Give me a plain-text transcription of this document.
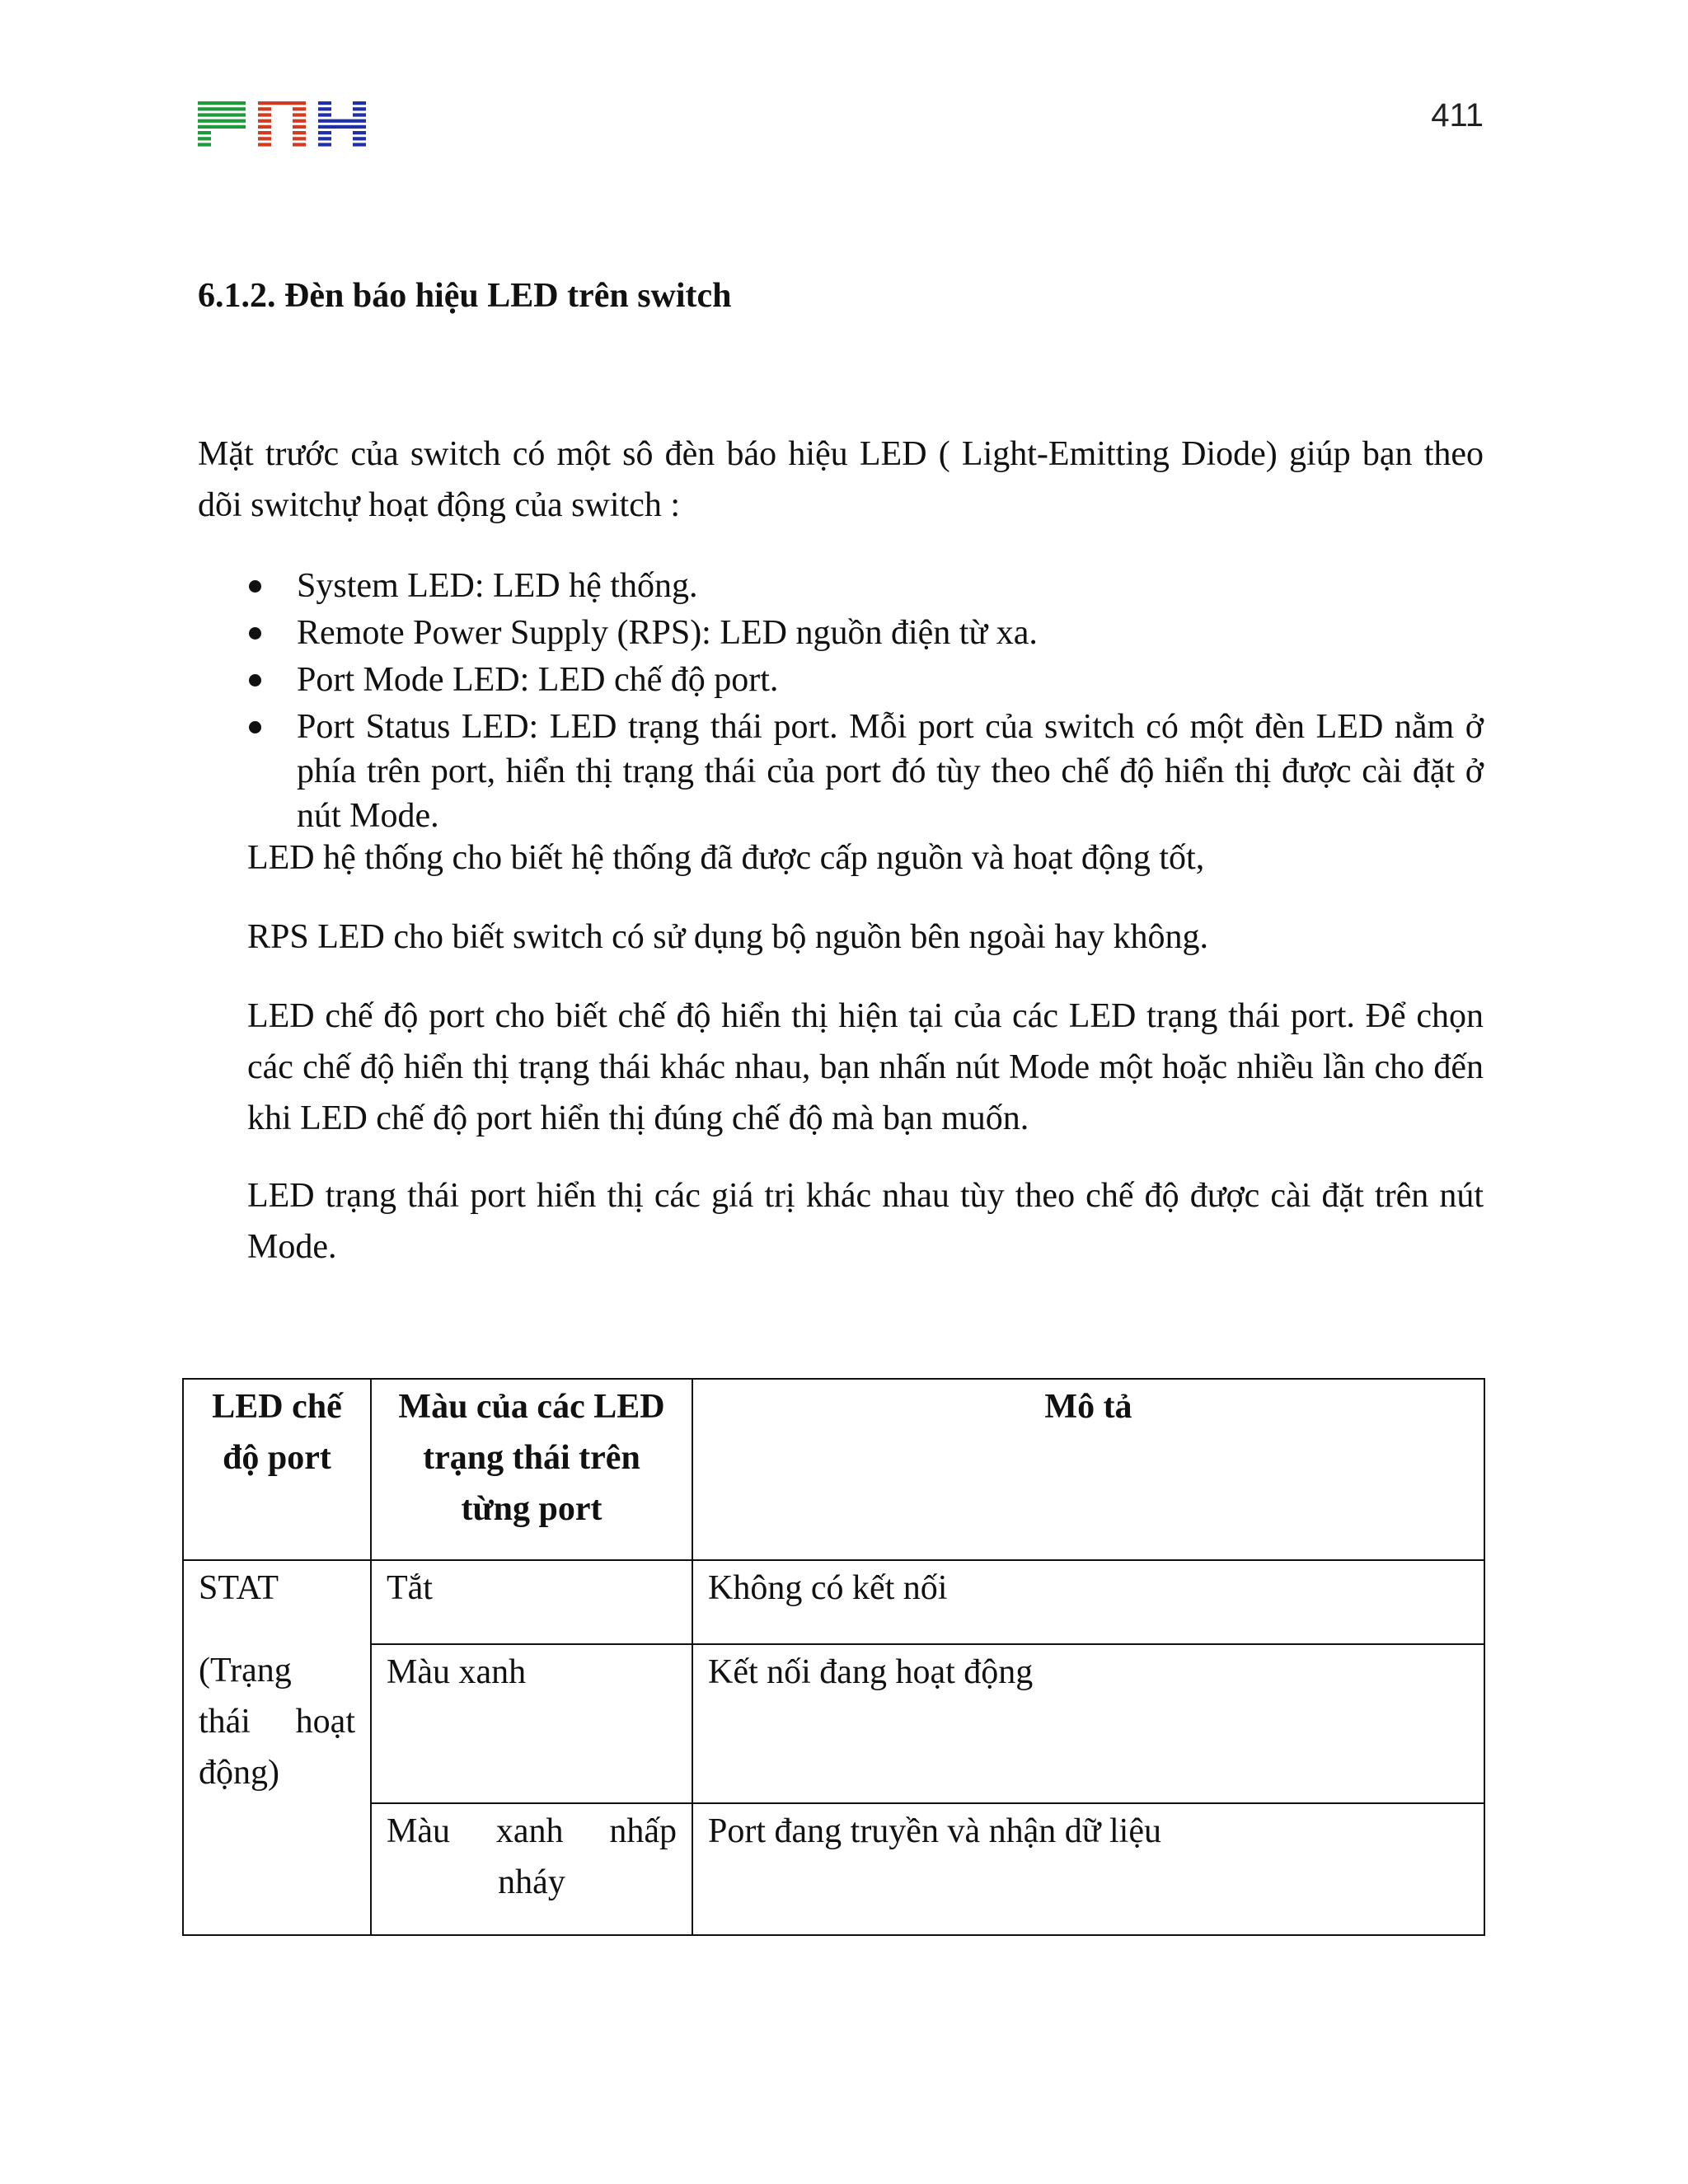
411
6.1.2. Đèn báo hiệu LED trên switch

Mặt trước của switch có một sô đèn báo hiệu LED ( Light-Emitting Diode) giúp bạn theo dõi switchự hoạt động của switch :

System LED: LED hệ thống.
Remote Power Supply (RPS): LED nguồn điện từ xa.
Port Mode LED: LED chế độ port.
Port Status LED: LED trạng thái port. Mỗi port của switch có một đèn LED nằm ở phía trên port, hiển thị trạng thái của port đó tùy theo chế độ hiển thị được cài đặt ở nút Mode.

LED hệ thống cho biết hệ thống đã được cấp nguồn và hoạt động tốt,

RPS LED cho biết switch có sử dụng bộ nguồn bên ngoài hay không.

LED chế độ port cho biết chế độ hiển thị hiện tại của các LED trạng thái port. Để chọn các chế độ hiển thị trạng thái khác nhau, bạn nhấn nút Mode một hoặc nhiều lần cho đến khi LED chế độ port hiển thị đúng chế độ mà bạn muốn.

LED trạng thái port hiển thị các giá trị khác nhau tùy theo chế độ được cài đặt trên nút Mode.

LED chế độ port	Màu của các LED trạng thái trên từng port	Mô tả

STAT
(Trạng
thái hoạt
động)	Tắt	Không có kết nối
	Màu xanh	Kết nối đang hoạt động
	Màu xanh nhấp nháy	Port đang truyền và nhận dữ liệu
